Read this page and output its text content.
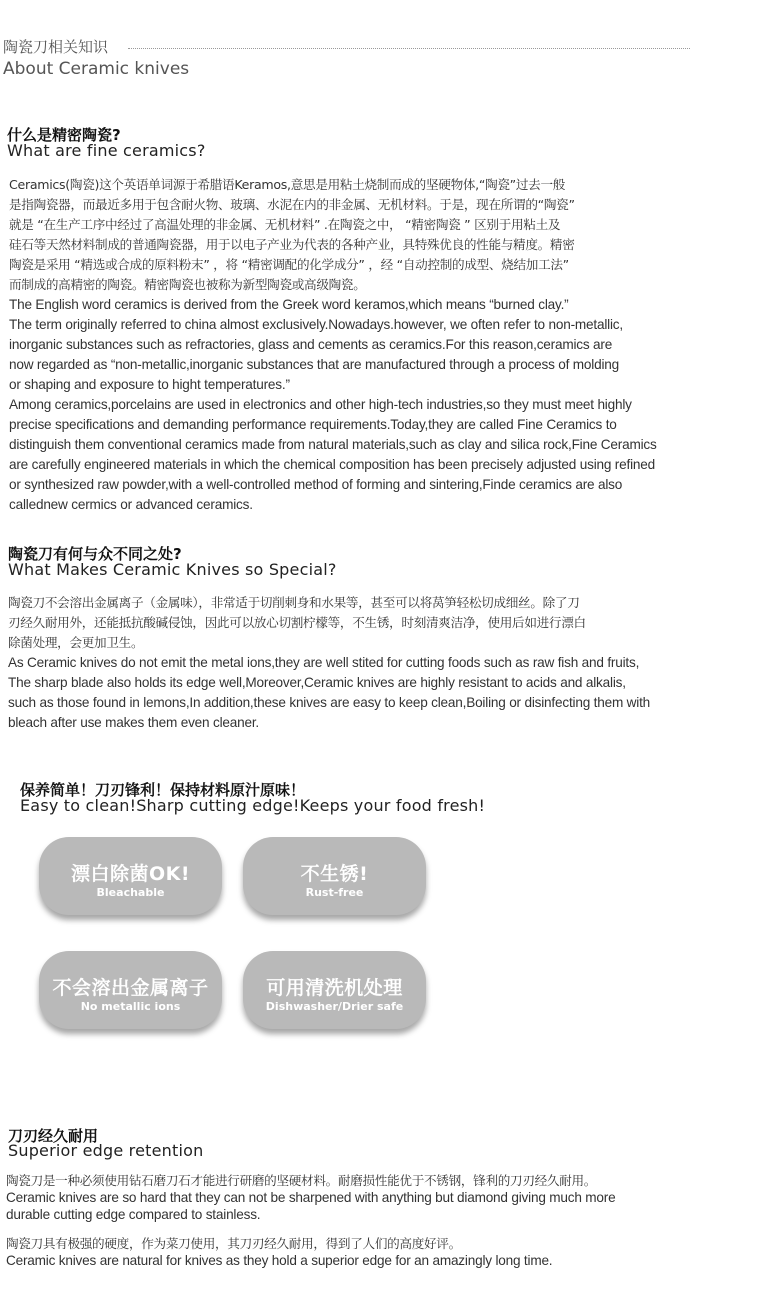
陶瓷刀相关知识
About Ceramic knives
什么是精密陶瓷?
What are fine ceramics?
Ceramics(陶瓷)这个英语单词源于希腊语Keramos,意思是用粘土烧制而成的坚硬物体,“陶瓷”过去一般
是指陶瓷器，而最近多用于包含耐火物、玻璃、水泥在内的非金属、无机材料。于是，现在所谓的“陶瓷”
就是 “在生产工序中经过了高温处理的非金属、无机材料” .在陶瓷之中， “精密陶瓷 ” 区别于用粘土及
硅石等天然材料制成的普通陶瓷器，用于以电子产业为代表的各种产业，具特殊优良的性能与精度。精密
陶瓷是采用 “精选或合成的原料粉末” ，将 “精密调配的化学成分” ，经 “自动控制的成型、烧结加工法”
而制成的高精密的陶瓷。精密陶瓷也被称为新型陶瓷或高级陶瓷。
The English word ceramics is derived from the Greek word keramos,which means “burned clay.”
The term originally referred to china almost exclusively.Nowadays.however, we often refer to non-metallic,
inorganic substances such as refractories, glass and cements as ceramics.For this reason,ceramics are
now regarded as “non-metallic,inorganic substances that are manufactured through a process of molding
or shaping and exposure to hight temperatures.”
Among ceramics,porcelains are used in electronics and other high-tech industries,so they must meet highly
precise specifications and demanding performance requirements.Today,they are called Fine Ceramics to
distinguish them conventional ceramics made from natural materials,such as clay and silica rock,Fine Ceramics
are carefully engineered materials in which the chemical composition has been precisely adjusted using refined
or synthesized raw powder,with a well-controlled method of forming and sintering,Finde ceramics are also
callednew cermics or advanced ceramics.
陶瓷刀有何与众不同之处?
What Makes Ceramic Knives so Special?
陶瓷刀不会溶出金属离子（金属味），非常适于切削刺身和水果等，甚至可以将莴笋轻松切成细丝。除了刀
刃经久耐用外，还能抵抗酸碱侵蚀，因此可以放心切割柠檬等，不生锈，时刻清爽洁净，使用后如进行漂白
除菌处理，会更加卫生。
As Ceramic knives do not emit the metal ions,they are well stited for cutting foods such as raw fish and fruits,
The sharp blade also holds its edge well,Moreover,Ceramic knives are highly resistant to acids and alkalis,
such as those found in lemons,In addition,these knives are easy to keep clean,Boiling or disinfecting them with
bleach after use makes them even cleaner.
保养简单！刀刃锋利！保持材料原汁原味！
Easy to clean!Sharp cutting edge!Keeps your food fresh!
漂白除菌OK!
Bleachable
不生锈!
Rust-free
不会溶出金属离子
No metallic ions
可用清洗机处理
Dishwasher/Drier safe
刀刃经久耐用
Superior edge retention
陶瓷刀是一种必须使用钻石磨刀石才能进行研磨的坚硬材料。耐磨损性能优于不锈钢，锋利的刀刃经久耐用。
Ceramic knives are so hard that they can not be sharpened with anything but diamond giving much more
durable cutting edge compared to stainless.
陶瓷刀具有极强的硬度，作为菜刀使用，其刀刃经久耐用，得到了人们的高度好评。
Ceramic knives are natural for knives as they hold a superior edge for an amazingly long time.
